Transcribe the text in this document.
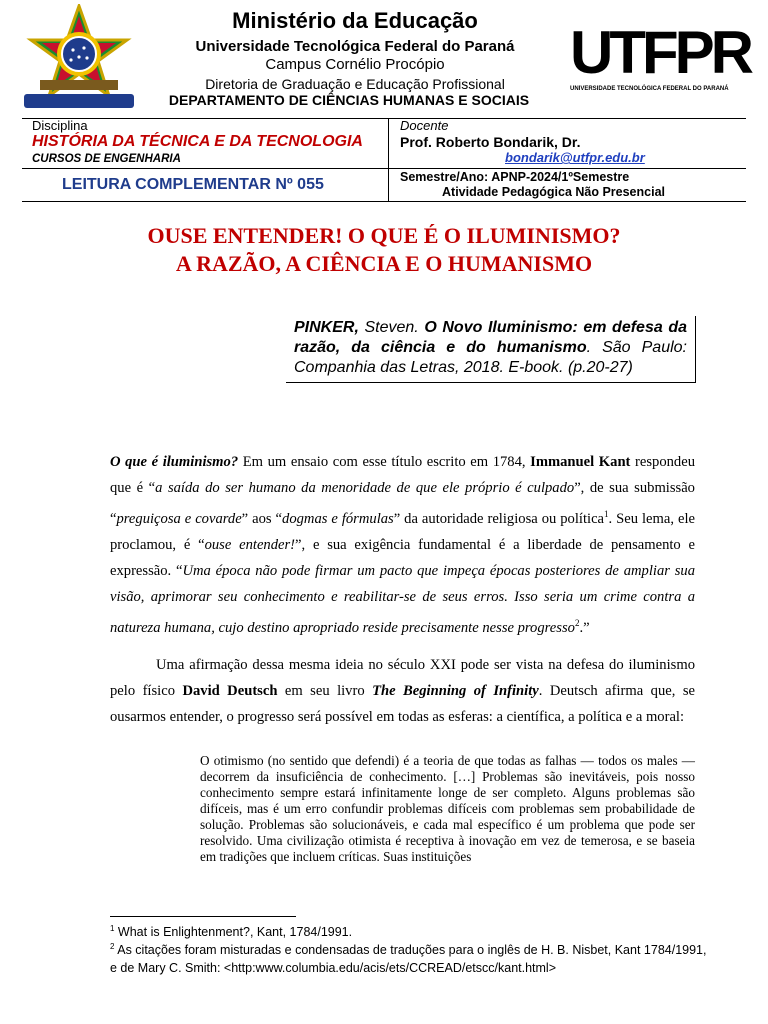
Ministério da Educação
Universidade Tecnológica Federal do Paraná
Campus Cornélio Procópio
Diretoria de Graduação e Educação Profissional
DEPARTAMENTO DE CIÊNCIAS HUMANAS E SOCIAIS
UTFPR
UNIVERSIDADE TECNOLÓGICA FEDERAL DO PARANÁ
Disciplina
HISTÓRIA DA TÉCNICA E DA TECNOLOGIA
CURSOS DE ENGENHARIA
Docente
Prof. Roberto Bondarik, Dr.
bondarik@utfpr.edu.br
LEITURA COMPLEMENTAR Nº 055	Semestre/Ano: APNP-2024/1ºSemestre
Atividade Pedagógica Não Presencial
OUSE ENTENDER! O QUE É O ILUMINISMO?
A RAZÃO, A CIÊNCIA E O HUMANISMO
PINKER, Steven. O Novo Iluminismo: em defesa da razão, da ciência e do humanismo. São Paulo: Companhia das Letras, 2018. E-book. (p.20-27)
O que é iluminismo? Em um ensaio com esse título escrito em 1784, Immanuel Kant respondeu que é “a saída do ser humano da menoridade de que ele próprio é culpado”, de sua submissão “preguiçosa e covarde” aos “dogmas e fórmulas” da autoridade religiosa ou política$^1$. Seu lema, ele proclamou, é “ouse entender!”, e sua exigência fundamental é a liberdade de pensamento e expressão. “Uma época não pode firmar um pacto que impeça épocas posteriores de ampliar sua visão, aprimorar seu conhecimento e reabilitar-se de seus erros. Isso seria um crime contra a natureza humana, cujo destino apropriado reside precisamente nesse progresso$^2$.”
Uma afirmação dessa mesma ideia no século XXI pode ser vista na defesa do iluminismo pelo físico David Deutsch em seu livro The Beginning of Infinity. Deutsch afirma que, se ousarmos entender, o progresso será possível em todas as esferas: a científica, a política e a moral:
O otimismo (no sentido que defendi) é a teoria de que todas as falhas — todos os males — decorrem da insuficiência de conhecimento. […] Problemas são inevitáveis, pois nosso conhecimento sempre estará infinitamente longe de ser completo. Alguns problemas são difíceis, mas é um erro confundir problemas difíceis com problemas sem probabilidade de solução. Problemas são solucionáveis, e cada mal específico é um problema que pode ser resolvido. Uma civilização otimista é receptiva à inovação em vez de temerosa, e se baseia em tradições que incluem críticas. Suas instituições
$^1$ What is Enlightenment?, Kant, 1784/1991.
$^2$ As citações foram misturadas e condensadas de traduções para o inglês de H. B. Nisbet, Kant 1784/1991, e de Mary C. Smith: <http:www.columbia.edu/acis/ets/CCREAD/etscc/kant.html>
